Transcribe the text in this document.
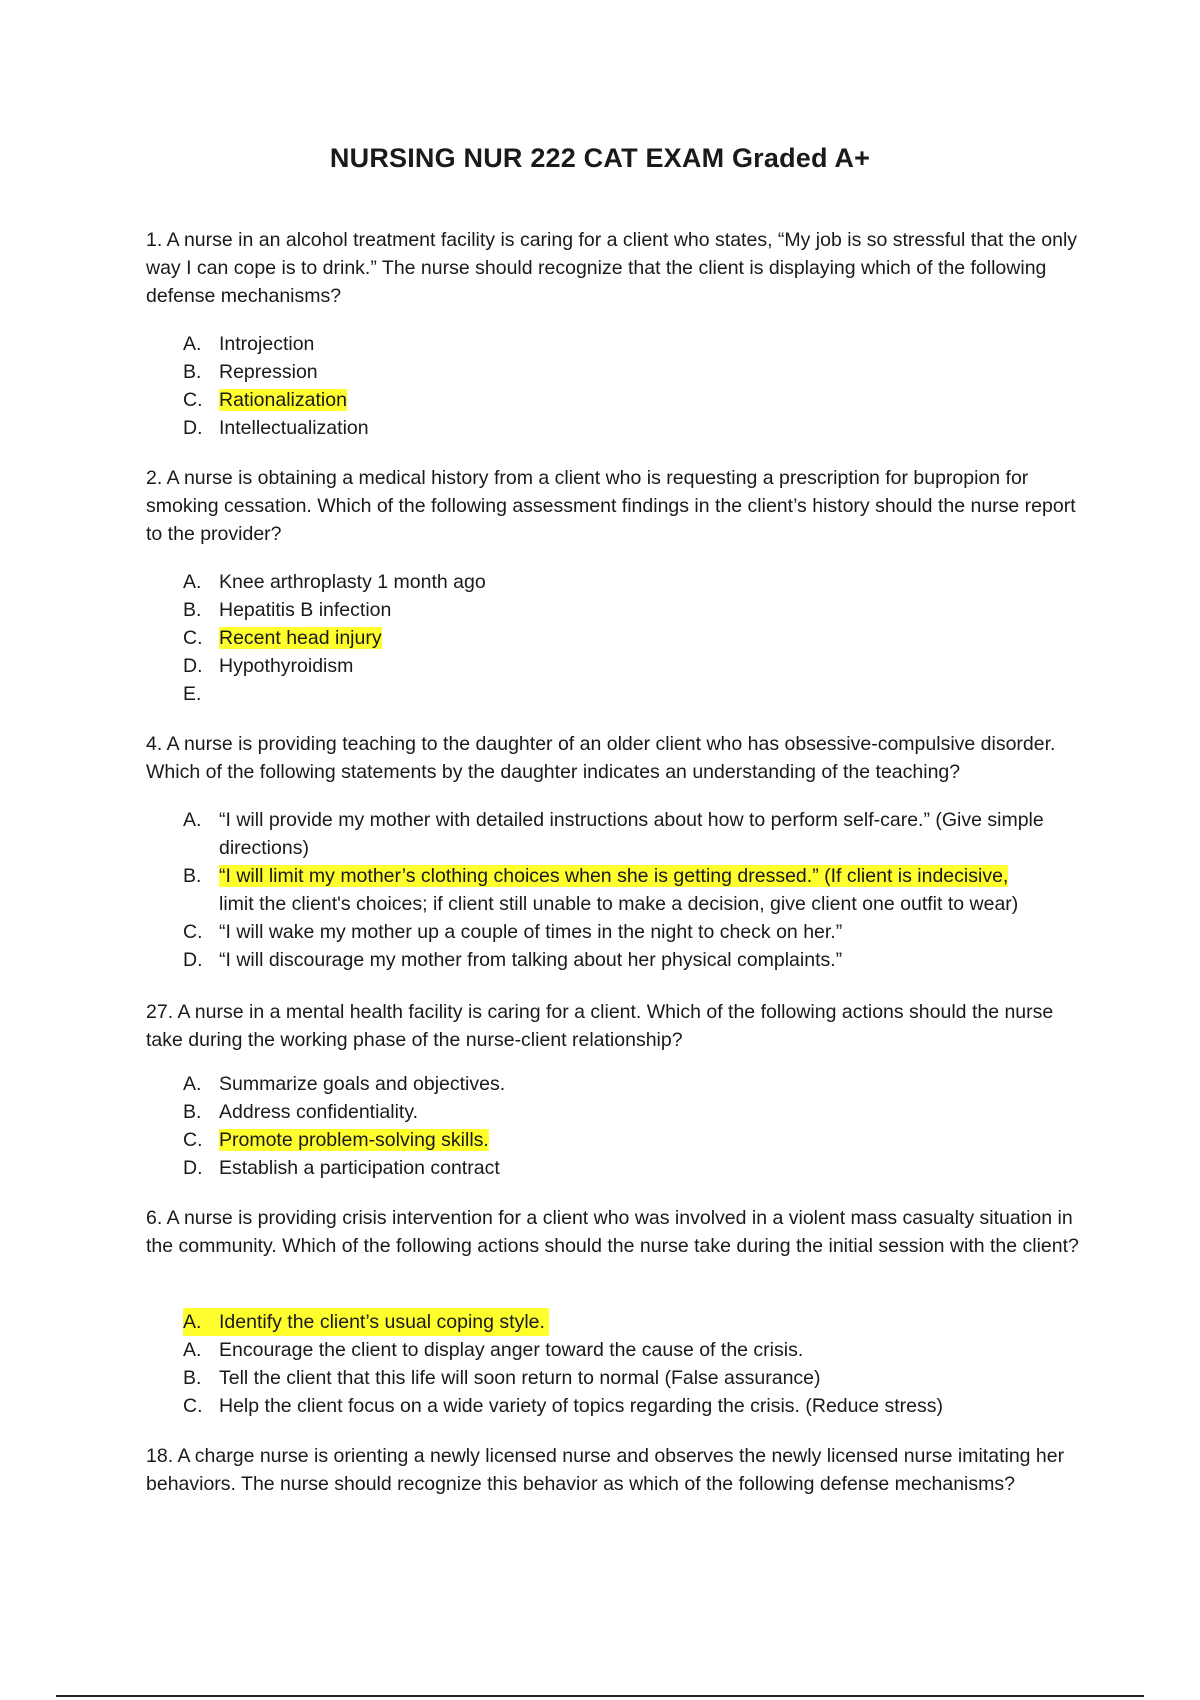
NURSING NUR 222 CAT EXAM Graded A+
1. A nurse in an alcohol treatment facility is caring for a client who states, “My job is so stressful that the only way I can cope is to drink.” The nurse should recognize that the client is displaying which of the following defense mechanisms?
A. Introjection
B. Repression
C. Rationalization
D. Intellectualization
2. A nurse is obtaining a medical history from a client who is requesting a prescription for bupropion for smoking cessation. Which of the following assessment findings in the client’s history should the nurse report to the provider?
A. Knee arthroplasty 1 month ago
B. Hepatitis B infection
C. Recent head injury
D. Hypothyroidism
E.
4. A nurse is providing teaching to the daughter of an older client who has obsessive-compulsive disorder. Which of the following statements by the daughter indicates an understanding of the teaching?
A. “I will provide my mother with detailed instructions about how to perform self-care.” (Give simple directions)
B. “I will limit my mother’s clothing choices when she is getting dressed.” (If client is indecisive,
limit the client's choices; if client still unable to make a decision, give client one outfit to wear)
C. “I will wake my mother up a couple of times in the night to check on her.”
D. “I will discourage my mother from talking about her physical complaints.”
27. A nurse in a mental health facility is caring for a client. Which of the following actions should the nurse take during the working phase of the nurse-client relationship?
A. Summarize goals and objectives.
B. Address confidentiality.
C. Promote problem-solving skills.
D. Establish a participation contract
6. A nurse is providing crisis intervention for a client who was involved in a violent mass casualty situation in the community. Which of the following actions should the nurse take during the initial session with the client?
A. Identify the client’s usual coping style.
A. Encourage the client to display anger toward the cause of the crisis.
B. Tell the client that this life will soon return to normal (False assurance)
C. Help the client focus on a wide variety of topics regarding the crisis. (Reduce stress)
18. A charge nurse is orienting a newly licensed nurse and observes the newly licensed nurse imitating her behaviors. The nurse should recognize this behavior as which of the following defense mechanisms?
